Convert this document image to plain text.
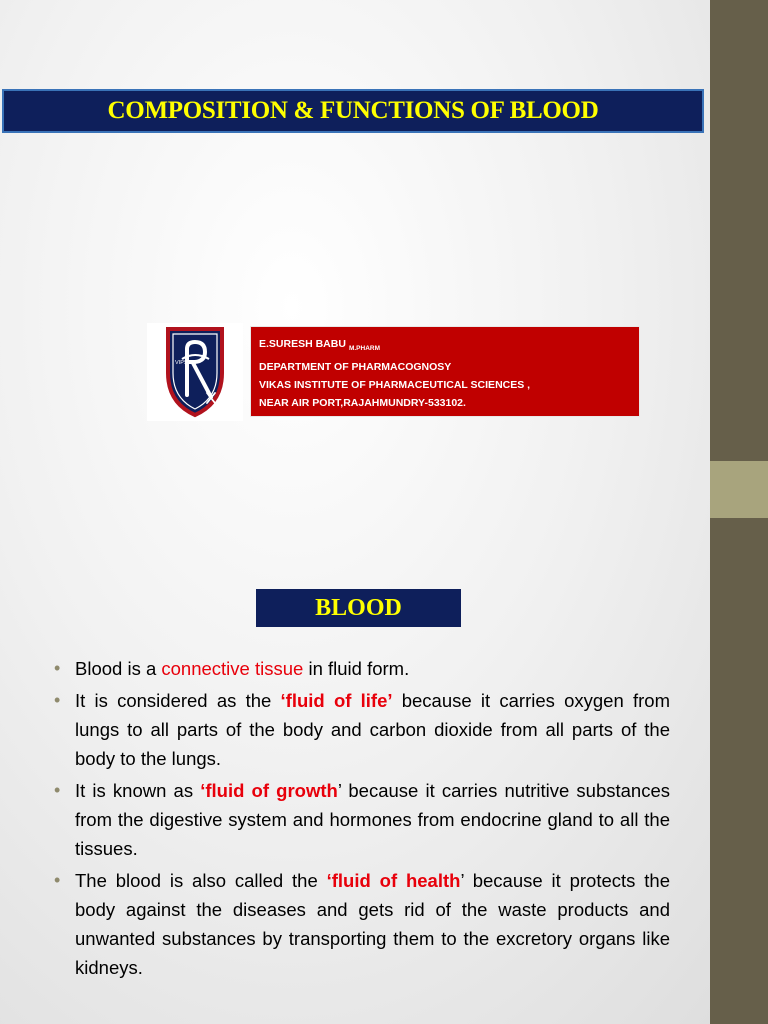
COMPOSITION & FUNCTIONS OF BLOOD
VIPS
E.SURESH BABU $_{M.PHARM}$
DEPARTMENT OF PHARMACOGNOSY
VIKAS INSTITUTE OF PHARMACEUTICAL SCIENCES ,
NEAR AIR PORT,RAJAHMUNDRY-533102.
BLOOD
• Blood is a connective tissue in fluid form.
• It is considered as the ‘fluid of life’ because it carries oxygen from lungs to all parts of the body and carbon dioxide from all parts of the body to the lungs.
• It is known as ‘fluid of growth’ because it carries nutritive substances from the digestive system and hormones from endocrine gland to all the tissues.
• The blood is also called the ‘fluid of health’ because it protects the body against the diseases and gets rid of the waste products and unwanted substances by transporting them to the excretory organs like kidneys.
